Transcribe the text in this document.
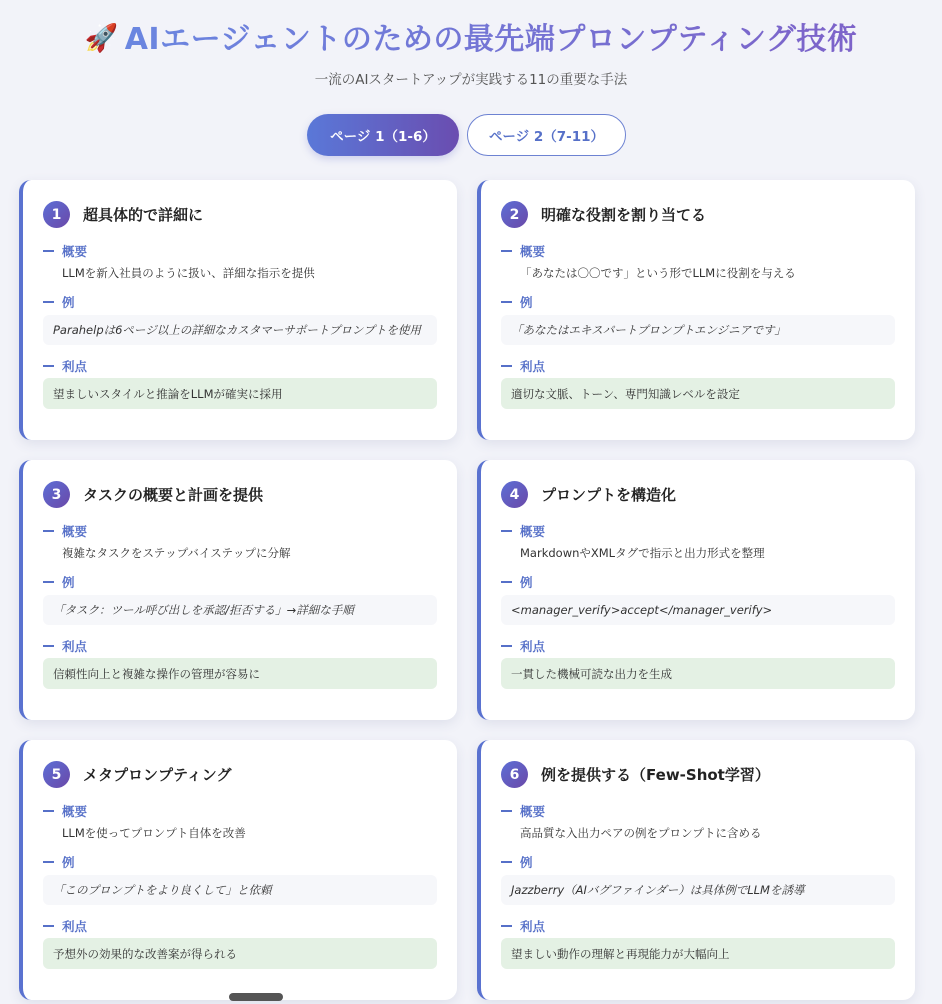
🚀 AIエージェントのための最先端プロンプティング技術
一流のAIスタートアップが実践する11の重要な手法
ページ 1（1-6）	ページ 2（7-11）
1	超具体的で詳細に
概要
LLMを新入社員のように扱い、詳細な指示を提供
例
Parahelpは6ページ以上の詳細なカスタマーサポートプロンプトを使用
利点
望ましいスタイルと推論をLLMが確実に採用
2	明確な役割を割り当てる
概要
「あなたは〇〇です」という形でLLMに役割を与える
例
「あなたはエキスパートプロンプトエンジニアです」
利点
適切な文脈、トーン、専門知識レベルを設定
3	タスクの概要と計画を提供
概要
複雑なタスクをステップバイステップに分解
例
「タスク：ツール呼び出しを承認/拒否する」→詳細な手順
利点
信頼性向上と複雑な操作の管理が容易に
4	プロンプトを構造化
概要
MarkdownやXMLタグで指示と出力形式を整理
例
<manager_verify>accept</manager_verify>
利点
一貫した機械可読な出力を生成
5	メタプロンプティング
概要
LLMを使ってプロンプト自体を改善
例
「このプロンプトをより良くして」と依頼
利点
予想外の効果的な改善案が得られる
6	例を提供する（Few-Shot学習）
概要
高品質な入出力ペアの例をプロンプトに含める
例
Jazzberry（AIバグファインダー）は具体例でLLMを誘導
利点
望ましい動作の理解と再現能力が大幅向上
